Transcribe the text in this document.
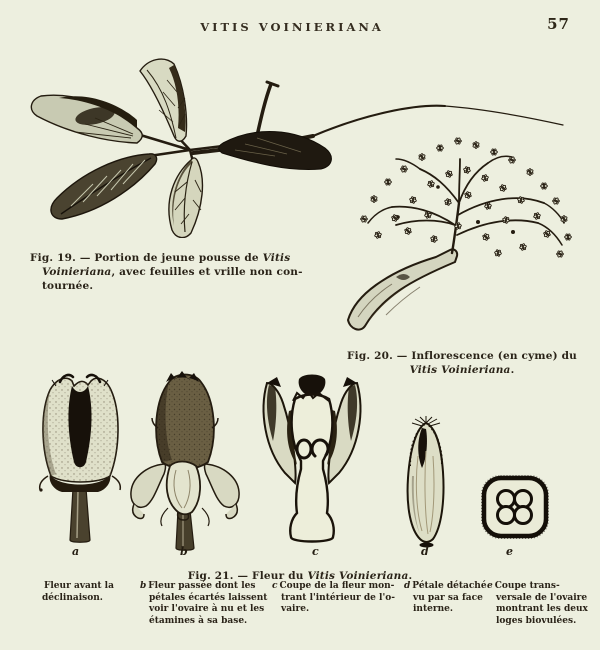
VITIS VOINIERIANA	57

Fig. 19. — Portion de jeune pousse de Vitis Voinieriana, avec feuilles et vrille non contournée.

Fig. 20. — Inflorescence (en cyme) du Vitis Voinieriana.

a	b	c	d	e

Fig. 21. — Fleur du Vitis Voinieriana.

Fleur avant la déclinaison.
b Fleur passée dont les pétales écartés laissent voir l'ovaire à nu et les étamines à sa base.
c Coupe de la fleur montrant l'intérieur de l'ovaire.
d Pétale détaché vu par sa face interne.
e Coupe transversale de l'ovaire montrant les deux loges biovulées.
